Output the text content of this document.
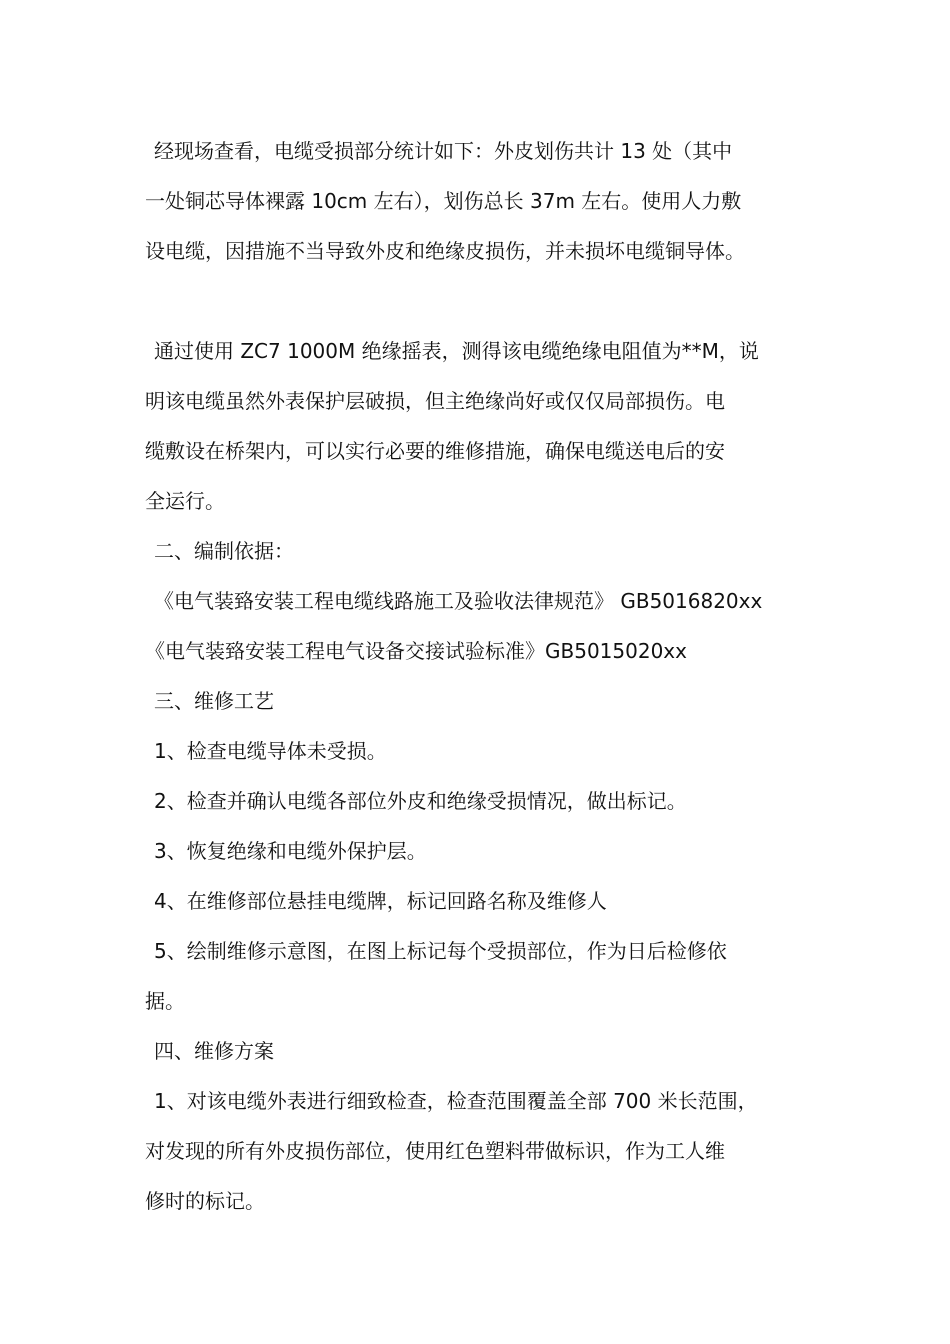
经现场查看，电缆受损部分统计如下：外皮划伤共计 13 处（其中
一处铜芯导体裸露 10cm 左右），划伤总长 37m 左右。使用人力敷
设电缆，因措施不当导致外皮和绝缘皮损伤，并未损坏电缆铜导体。
通过使用 ZC7 1000M 绝缘摇表，测得该电缆绝缘电阻值为**M，说
明该电缆虽然外表保护层破损，但主绝缘尚好或仅仅局部损伤。电
缆敷设在桥架内，可以实行必要的维修措施，确保电缆送电后的安
全运行。
二、编制依据：
《电气装臵安装工程电缆线路施工及验收法律规范》 GB5016820xx
《电气装臵安装工程电气设备交接试验标准》GB5015020xx
三、维修工艺
1、检查电缆导体未受损。
2、检查并确认电缆各部位外皮和绝缘受损情况，做出标记。
3、恢复绝缘和电缆外保护层。
4、在维修部位悬挂电缆牌，标记回路名称及维修人
5、绘制维修示意图，在图上标记每个受损部位，作为日后检修依
据。
四、维修方案
1、对该电缆外表进行细致检查，检查范围覆盖全部 700 米长范围，
对发现的所有外皮损伤部位，使用红色塑料带做标识，作为工人维
修时的标记。
